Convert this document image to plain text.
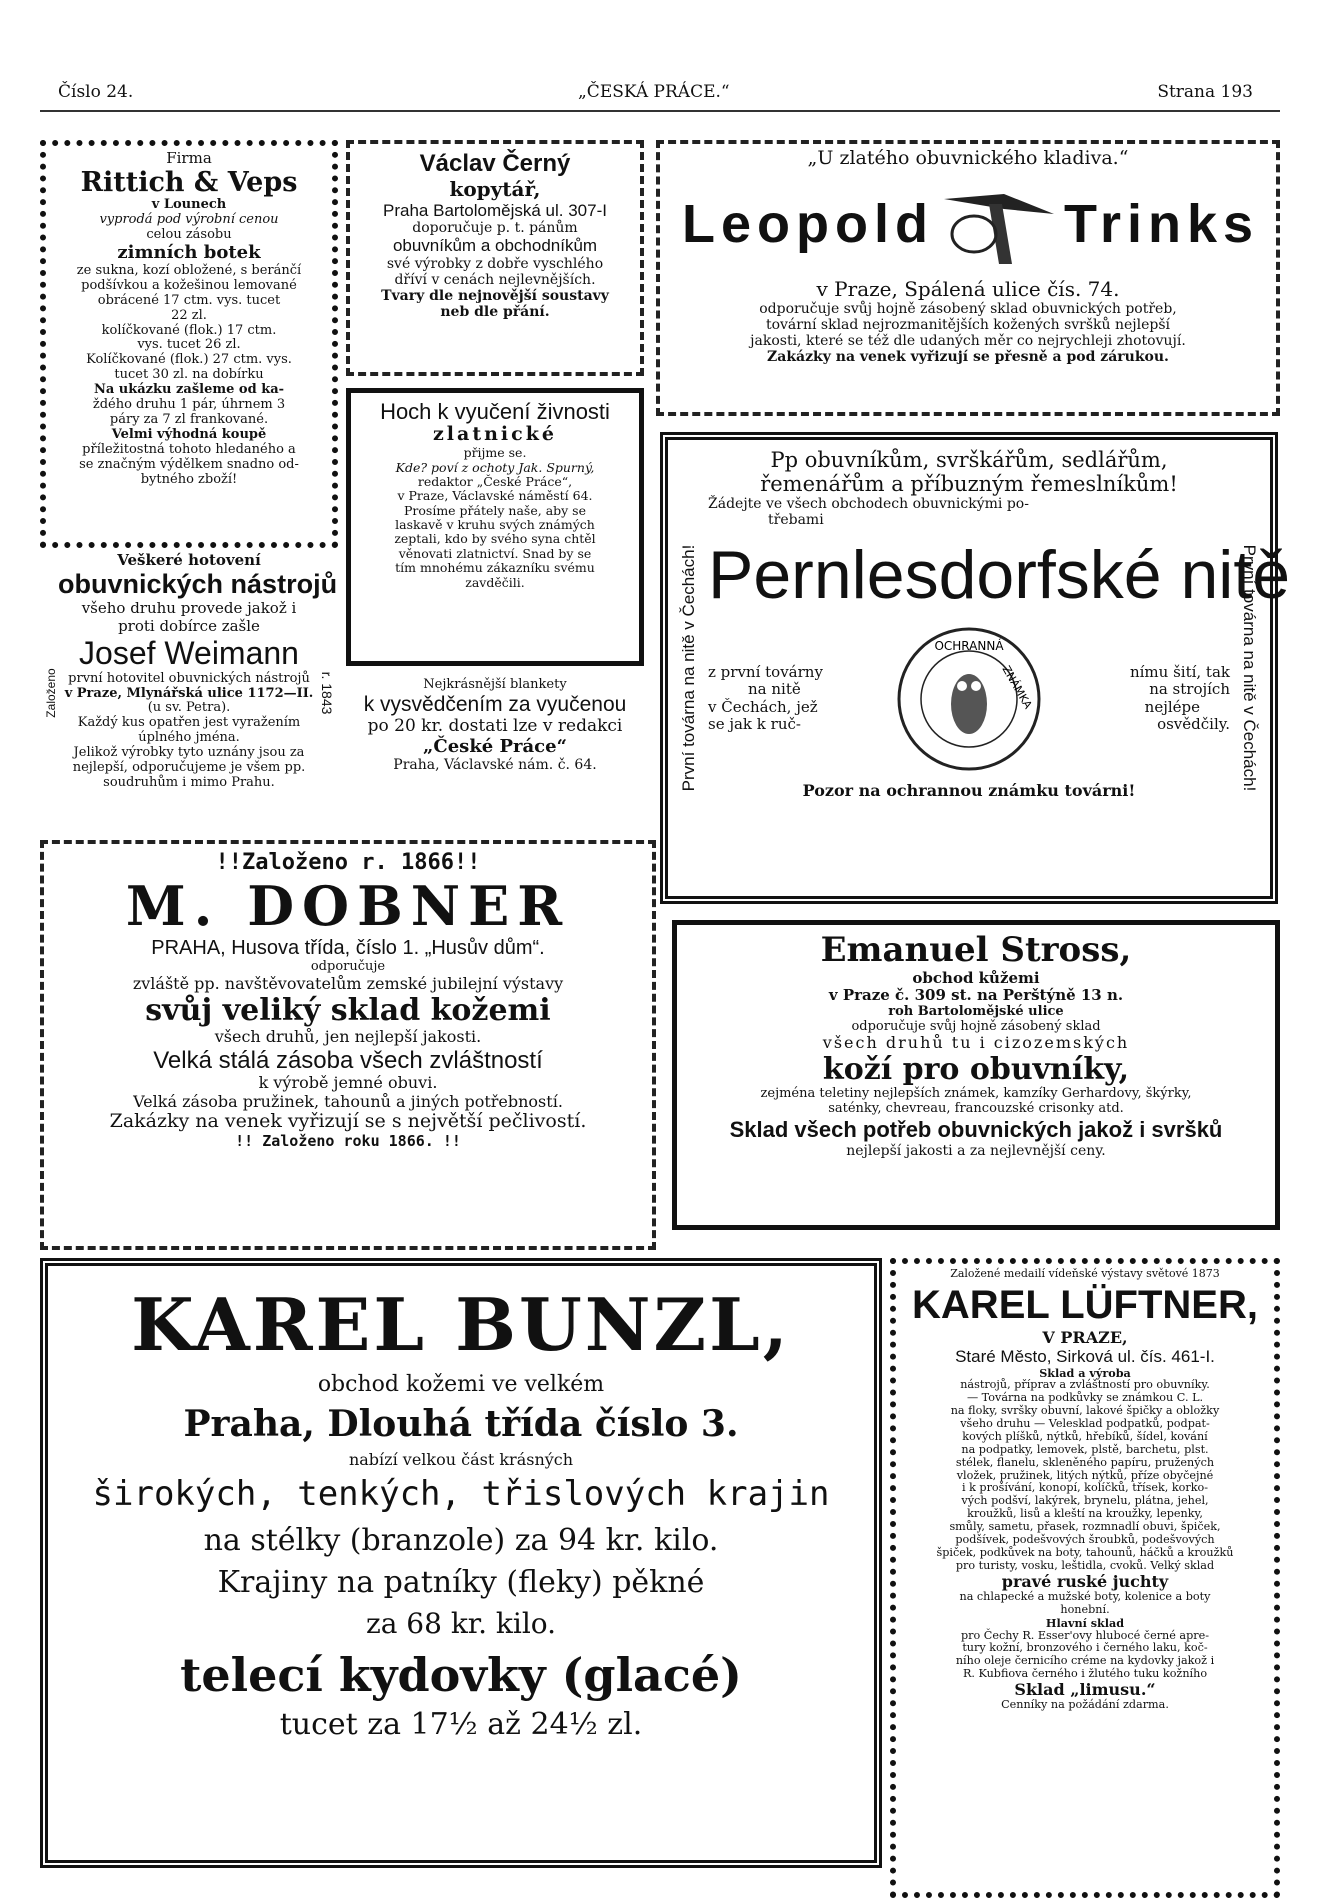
Číslo 24.	„ČESKÁ PRÁCE.“	Strana 193
Firma
Rittich & Veps
v Lounech
vyprodá pod výrobní cenou
celou zásobu
zimních botek
ze sukna, kozí obložené, s beránčí
podšívkou a kožešinou lemované
obrácené 17 ctm. vys. tucet
22 zl.
kolíčkované (flok.) 17 ctm.
vys. tucet 26 zl.
Kolíčkované (flok.) 27 ctm. vys.
tucet 30 zl. na dobírku
Na ukázku zašleme od ka-
ždého druhu 1 pár, úhrnem 3
páry za 7 zl frankované.
Velmi výhodná koupě
příležitostná tohoto hledaného a
se značným výdělkem snadno od-
bytného zboží!
Založeno	r. 1843
Veškeré hotovení
obuvnických nástrojů
všeho druhu provede jakož i
proti dobírce zašle
Josef Weimann
první hotovitel obuvnických nástrojů
v Praze, Mlynářská ulice 1172—II.
(u sv. Petra).
Každý kus opatřen jest vyražením
úplného jména.
Jelikož výrobky tyto uznány jsou za
nejlepší, odporučujeme je všem pp.
soudruhům i mimo Prahu.
Václav Černý
kopytář,
Praha Bartolomějská ul. 307-I
doporučuje p. t. pánům
obuvníkům a obchodníkům
své výrobky z dobře vyschlého
dříví v cenách nejlevnějších.
Tvary dle nejnovější soustavy
neb dle přání.
Hoch k vyučení živnosti
zlatnické
přijme se.
Kde? poví z ochoty Jak. Spurný,
redaktor „České Práce“,
v Praze, Václavské náměstí 64.
Prosíme přátely naše, aby se
laskavě v kruhu svých známých
zeptali, kdo by svého syna chtěl
věnovati zlatnictví. Snad by se
tím mnohému zákazníku svému
zavděčili.
Nejkrásnější blankety
k vysvědčením za vyučenou
po 20 kr. dostati lze v redakci
„České Práce“
Praha, Václavské nám. č. 64.
„U zlatého obuvnického kladiva.“
Leopold Trinks
v Praze, Spálená ulice čís. 74.
odporučuje svůj hojně zásobený sklad obuvnických potřeb,
tovární sklad nejrozmanitějších kožených svršků nejlepší
jakosti, které se též dle udaných měr co nejrychleji zhotovují.
Zakázky na venek vyřizují se přesně a pod zárukou.
První továrna na nitě v Čechách!	První továrna na nitě v Čechách!
Pp obuvníkům, svrškářům, sedlářům,
řemenářům a příbuzným řemeslníkům!
Žádejte ve všech obchodech obuvnickými po-
třebami
Pernlesdorfské nitě
z první továrny
na nitě
v Čechách, jež
se jak k ruč-
OCHRANNÁ
ZNÁMKA	nímu šití, tak
na strojích
nejlépe
osvědčily.
Pozor na ochrannou známku továrni!
!!Založeno r. 1866!!
M. DOBNER
PRAHA, Husova třída, číslo 1. „Husův dům“.
odporučuje
zvláště pp. navštěvovatelům zemské jubilejní výstavy
svůj veliký sklad kožemi
všech druhů, jen nejlepší jakosti.
Velká stálá zásoba všech zvláštností
k výrobě jemné obuvi.
Velká zásoba pružinek, tahounů a jiných potřebností.
Zakázky na venek vyřizují se s největší pečlivostí.
!! Založeno roku 1866. !!
Emanuel Stross,
obchod kůžemi
v Praze č. 309 st. na Perštýně 13 n.
roh Bartolomějské ulice
odporučuje svůj hojně zásobený sklad
všech druhů tu i cizozemských
koží pro obuvníky,
zejména teletiny nejlepších známek, kamzíky Gerhardovy, škýrky,
saténky, chevreau, francouzské crisonky atd.
Sklad všech potřeb obuvnických jakož i svršků
nejlepší jakosti a za nejlevnější ceny.
KAREL BUNZL,
obchod kožemi ve velkém
Praha, Dlouhá třída číslo 3.
nabízí velkou část krásných
širokých, tenkých, třislových krajin
na stélky (branzole) za 94 kr. kilo.
Krajiny na patníky (fleky) pěkné
za 68 kr. kilo.
telecí kydovky (glacé)
tucet za 17½ až 24½ zl.
Založené medailí vídeňské výstavy světové 1873
KAREL LÜFTNER,
V PRAZE,
Staré Město, Sirková ul. čís. 461-I.
Sklad a výroba
nástrojů, příprav a zvláštností pro obuvníky.
— Továrna na podkůvky se známkou C. L.
na floky, svršky obuvní, lakové špičky a obložky
všeho druhu — Velesklad podpatků, podpat-
kových plíšků, nýtků, hřebíků, šídel, kování
na podpatky, lemovek, plstě, barchetu, plst.
stélek, flanelu, skleněného papíru, pružených
vložek, pružinek, litých nýtků, příze obyčejné
i k prošívání, konopí, kolíčků, třísek, korko-
vých podšví, lakýrek, brynelu, plátna, jehel,
kroužků, lisů a kleští na kroužky, lepenky,
smůly, sametu, přasek, rozmnadlí obuvi, špiček,
podšívek, podešvových šroubků, podešvových
špiček, podkůvek na boty, tahounů, háčků a kroužků
pro turisty, vosku, leštidla, cvoků. Velký sklad
pravé ruské juchty
na chlapecké a mužské boty, kolenice a boty
honební.
Hlavní sklad
pro Čechy R. Esser'ovy hlubocé černé apre-
tury kožní, bronzového i černého laku, koč-
ního oleje černicího créme na kydovky jakož i
R. Kubfiova černého i žlutého tuku kožního
Sklad „limusu.“
Cenníky na požádání zdarma.
